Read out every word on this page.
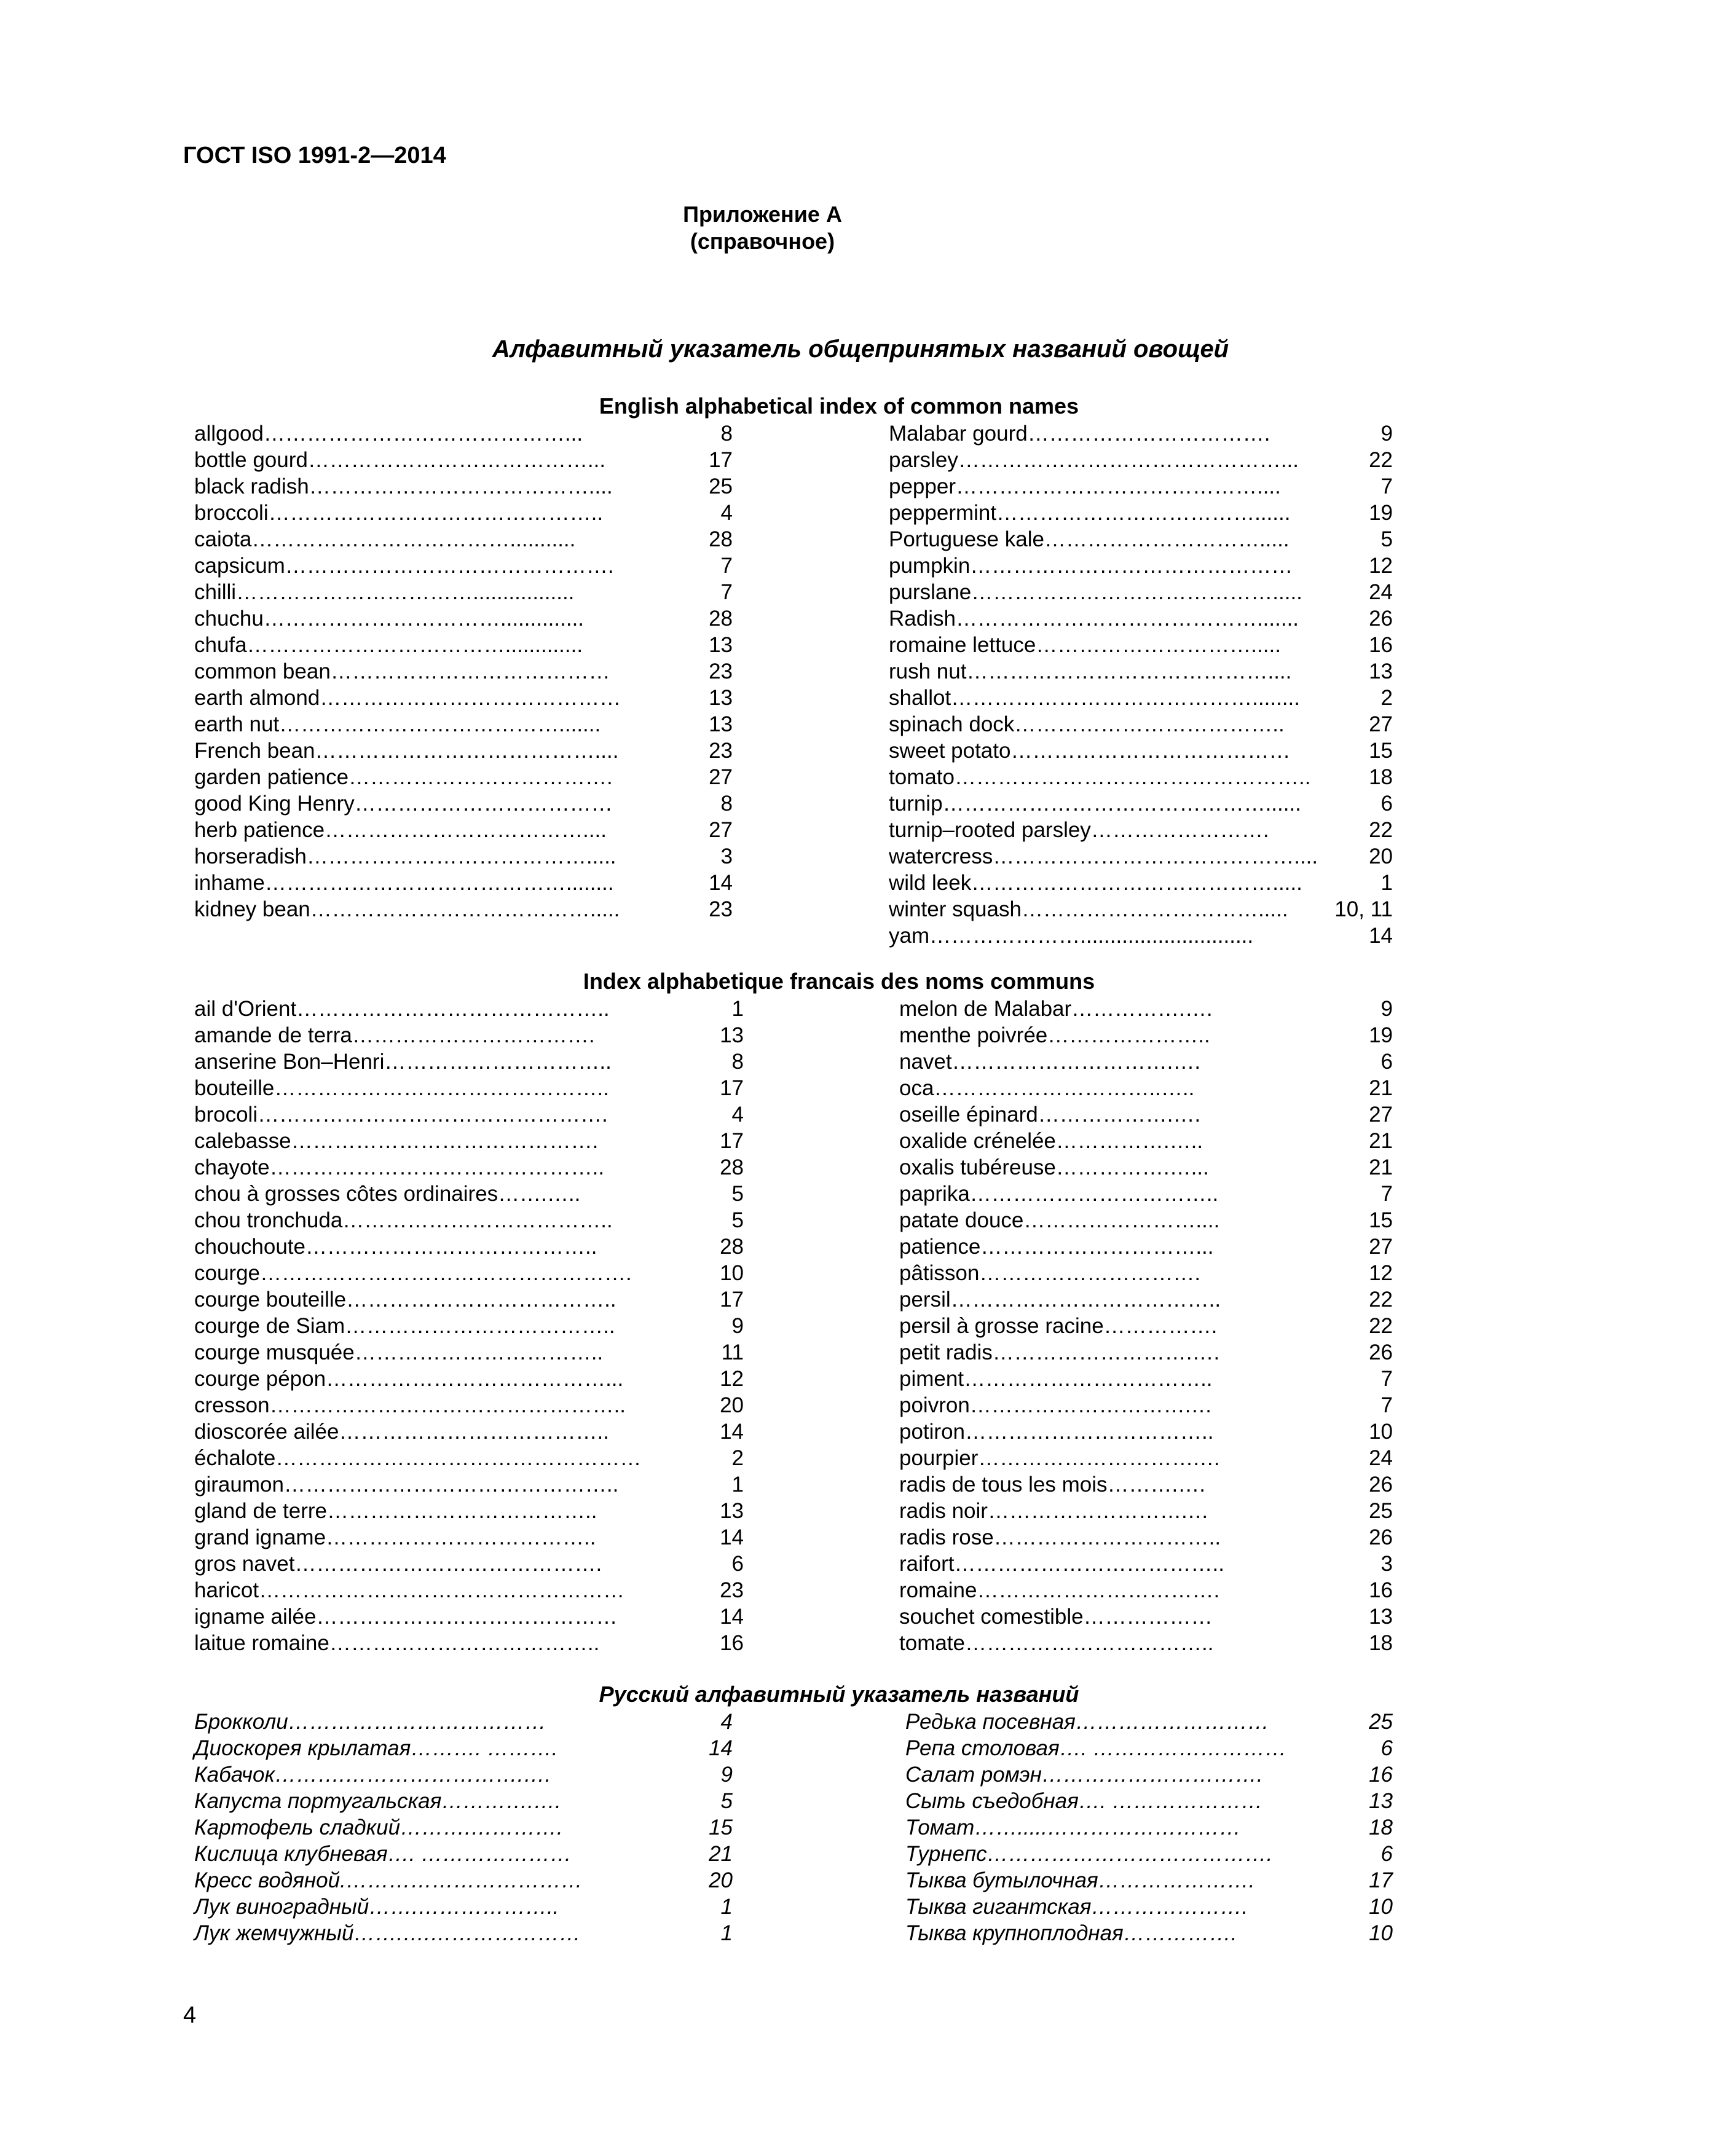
ГОСТ ISO 1991-2—2014
Приложение А
(справочное)
Алфавитный указатель общепринятых названий овощей
English alphabetical index of common names
allgood ……………………………………...	8
bottle gourd …………………………………...	17
black radish …………………………………....	25
broccoli ………………………………………..	4
caiota ………………………………...........	28
capsicum ……………………………………….	7
chilli …………………………….................	7
chuchu ……………………………..............	28
chufa ……………………………….............	13
common bean …………………………………	23
earth almond ……………………………………	13
earth nut ………………………………….......	13
French bean …………………………………....	23
garden patience ……………………………….	27
good King Henry ………………………………	8
herb patience ………………………………....	27
horseradish ………………………………….....	3
inhame ……………………………………........	14
kidney bean ………………………………….....	23
Malabar gourd …………………………….	9
parsley ………………………………………...	22
pepper ……………………………………....	7
peppermint ………………………………......	19
Portuguese kale ………………………….....	5
pumpkin ………………………………………	12
purslane …………………………………….....	24
Radish …………………………………….......	26
romaine lettuce ………………………….....	16
rush nut ……………………………………....	13
shallot ……………………………………........	2
spinach dock ………………………………..	27
sweet potato …………………………………	15
tomato …………………………………………..	18
turnip ………………………………………......	6
turnip–rooted parsley …………………….	22
watercress …………………………………….... 20
wild leek …………………………………….....	1
winter squash ……………………………..... 10, 11
yam ………………….............................	14
Index alphabetique francais des noms communs
ail d'Orient ……………………………………..	1
amande de terra …………………………….	13
anserine Bon–Henri …………………………..	8
bouteille ………………………………………..	17
brocoli ………………………………………….	4
calebasse …………………………………….	17
chayote ………………………………………..	28
chou à grosses côtes ordinaires …….…..	5
chou tronchuda ………………………………..	5
chouchoute …………………………………..	28
courge …………………………………………….	10
courge bouteille ………………………………..	17
courge de Siam ………………………………..	9
courge musquée ……………………………..	11
courge pépon …………………………………...	12
cresson …………………………………………..	20
dioscorée ailée ………………………………..	14
échalote ……………………………………………	2
giraumon ………………………………………..	1
gland de terre ………………………………..	13
grand igname ………………………………..	14
gros navet …………………………………….	6
haricot ……………………………………………	23
igname ailée ……………………………………	14
laitue romaine ………………………………..	16
melon de Malabar …………….….	9
menthe poivrée …………………..	19
navet ………………………….….	6
oca …………………………..…..	21
oseille épinard ……………….….	27
oxalide crénelée …………….…..	21
oxalis tubéreuse …………….…...	21
paprika ……………………………..	7
patate douce ……………………....	15
patience …………………………...	27
pâtisson ………………………….	12
persil ………………………………..	22
persil à grosse racine …………….	22
petit radis ……………………….….	26
piment ……………………………..	7
poivron ………………………….…	7
potiron ……………………………..	10
pourpier ………………………….…	24
radis de tous les mois ……….….	26
radis noir ……………………….…	25
radis rose …………………………..	26
raifort ………………………………..	3
romaine …………………………….	16
souchet comestible ………………	13
tomate ……………………………..	18
Русский алфавитный указатель названий
Брокколи ………………………………	4
Диоскорея крылатая ………. ……….	14
Кабачок ……….…………………….….	9
Капуста португальская ………….….	5
Картофель сладкий ……….………….	15
Кислица клубневая …. …………………	21
Кресс водяной. ……………………………	20
Лук виноградный …….………………..	1
Лук жемчужный …….….…………………	1
Редька посевная ………………………	25
Репа столовая …. ………………………	6
Салат ромэн ………………………….	16
Сыть съедобная …. …………………	13
Томат …….....………………………	18
Турнепс ………………………………….	6
Тыква бутылочная ………………….	17
Тыква гигантская ………………….	10
Тыква крупноплодная …………….	10
4
